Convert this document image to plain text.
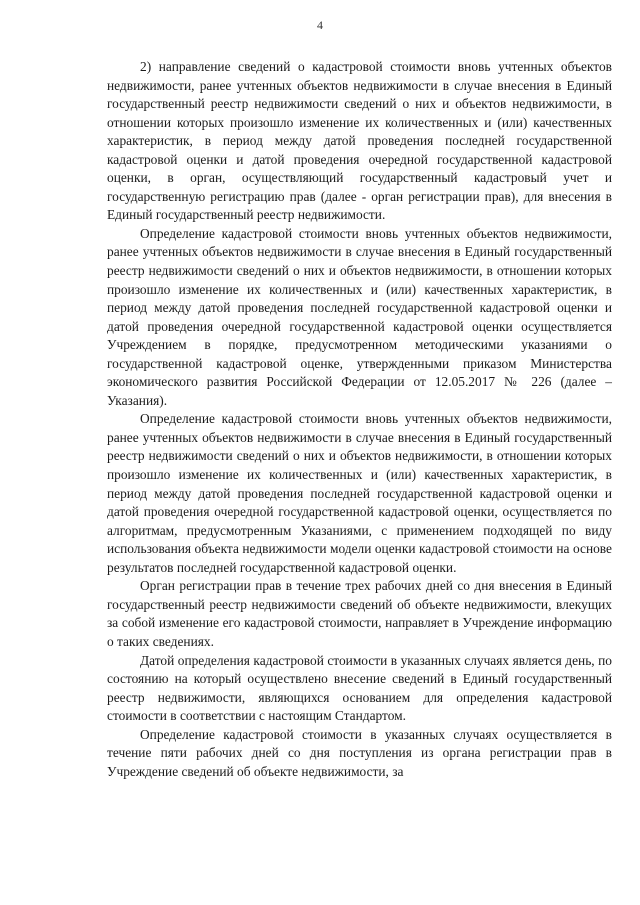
4

2) направление сведений о кадастровой стоимости вновь учтенных объектов недвижимости, ранее учтенных объектов недвижимости в случае внесения в Единый государственный реестр недвижимости сведений о них и объектов недвижимости, в отношении которых произошло изменение их количественных и (или) качественных характеристик, в период между датой проведения последней государственной кадастровой оценки и датой проведения очередной государственной кадастровой оценки, в орган, осуществляющий государственный кадастровый учет и государственную регистрацию прав (далее - орган регистрации прав), для внесения в Единый государственный реестр недвижимости.

Определение кадастровой стоимости вновь учтенных объектов недвижимости, ранее учтенных объектов недвижимости в случае внесения в Единый государственный реестр недвижимости сведений о них и объектов недвижимости, в отношении которых произошло изменение их количественных и (или) качественных характеристик, в период между датой проведения последней государственной кадастровой оценки и датой проведения очередной государственной кадастровой оценки осуществляется Учреждением в порядке, предусмотренном методическими указаниями о государственной кадастровой оценке, утвержденными приказом Министерства экономического развития Российской Федерации от 12.05.2017 № 226 (далее – Указания).

Определение кадастровой стоимости вновь учтенных объектов недвижимости, ранее учтенных объектов недвижимости в случае внесения в Единый государственный реестр недвижимости сведений о них и объектов недвижимости, в отношении которых произошло изменение их количественных и (или) качественных характеристик, в период между датой проведения последней государственной кадастровой оценки и датой проведения очередной государственной кадастровой оценки, осуществляется по алгоритмам, предусмотренным Указаниями, с применением подходящей по виду использования объекта недвижимости модели оценки кадастровой стоимости на основе результатов последней государственной кадастровой оценки.

Орган регистрации прав в течение трех рабочих дней со дня внесения в Единый государственный реестр недвижимости сведений об объекте недвижимости, влекущих за собой изменение его кадастровой стоимости, направляет в Учреждение информацию о таких сведениях.

Датой определения кадастровой стоимости в указанных случаях является день, по состоянию на который осуществлено внесение сведений в Единый государственный реестр недвижимости, являющихся основанием для определения кадастровой стоимости в соответствии с настоящим Стандартом.

Определение кадастровой стоимости в указанных случаях осуществляется в течение пяти рабочих дней со дня поступления из органа регистрации прав в Учреждение сведений об объекте недвижимости, за
